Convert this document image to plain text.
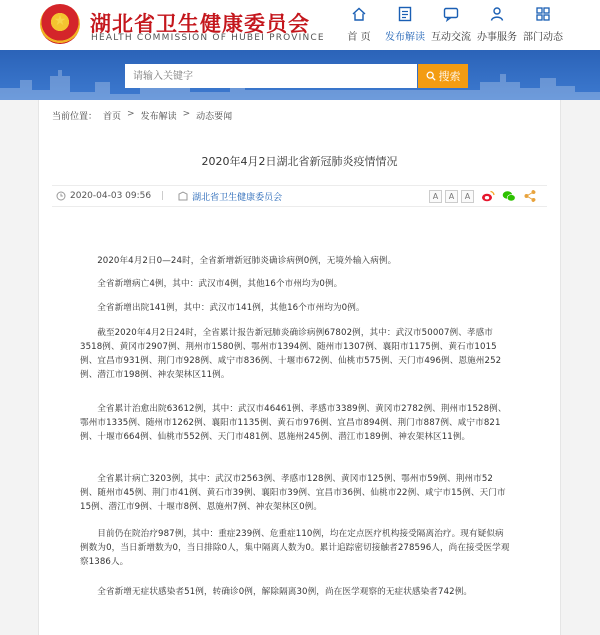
★ 湖北省卫生健康委员会
HEALTH COMMISSION OF HUBEI PROVINCE	首 页	发布解读 互动交流 办事服务 部门动态
请输入关键字
搜索
当前位置： 首页 > 发布解读 > 动态要闻
2020年4月2日湖北省新冠肺炎疫情情况
2020-04-03 09:56 |	湖北省卫生健康委员会	A	A	A
2020年4月2日0—24时，全省新增新冠肺炎确诊病例0例，无境外输入病例。
全省新增病亡4例，其中：武汉市4例，其他16个市州均为0例。
全省新增出院141例，其中：武汉市141例，其他16个市州均为0例。
截至2020年4月2日24时，全省累计报告新冠肺炎确诊病例67802例，其中：武汉市50007例、孝感市3518例、黄冈市2907例、荆州市1580例、鄂州市1394例、随州市1307例、襄阳市1175例、黄石市1015例、宜昌市931例、荆门市928例、咸宁市836例、十堰市672例、仙桃市575例、天门市496例、恩施州252例、潜江市198例、神农架林区11例。
全省累计治愈出院63612例，其中：武汉市46461例、孝感市3389例、黄冈市2782例、荆州市1528例、鄂州市1335例、随州市1262例、襄阳市1135例、黄石市976例、宜昌市894例、荆门市887例、咸宁市821例、十堰市664例、仙桃市552例、天门市481例、恩施州245例、潜江市189例、神农架林区11例。
全省累计病亡3203例，其中：武汉市2563例、孝感市128例、黄冈市125例、鄂州市59例、荆州市52例、随州市45例、荆门市41例、黄石市39例、襄阳市39例、宜昌市36例、仙桃市22例、咸宁市15例、天门市15例、潜江市9例、十堰市8例、恩施州7例、神农架林区0例。
目前仍在院治疗987例，其中：重症239例、危重症110例，均在定点医疗机构接受隔离治疗。现有疑似病例数为0，当日新增数为0，当日排除0人，集中隔离人数为0。累计追踪密切接触者278596人，尚在接受医学观察1386人。
全省新增无症状感染者51例，转确诊0例，解除隔离30例，尚在医学观察的无症状感染者742例。
